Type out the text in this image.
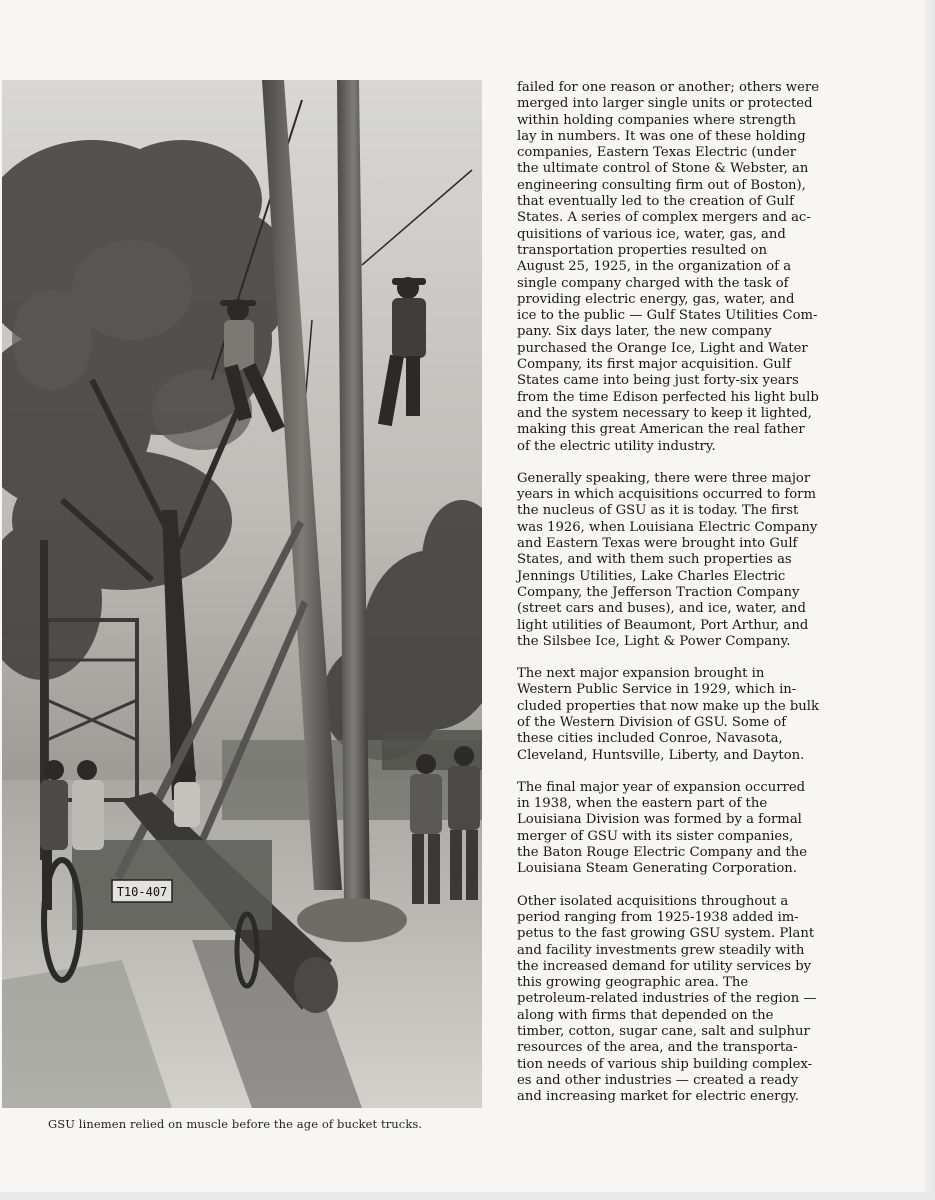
T10-407
GSU linemen relied on muscle before the age of bucket trucks.

failed for one reason or another; others were
merged into larger single units or protected
within holding companies where strength
lay in numbers. It was one of these holding
companies, Eastern Texas Electric (under
the ultimate control of Stone & Webster, an
engineering consulting firm out of Boston),
that eventually led to the creation of Gulf
States. A series of complex mergers and ac-
quisitions of various ice, water, gas, and
transportation properties resulted on
August 25, 1925, in the organization of a
single company charged with the task of
providing electric energy, gas, water, and
ice to the public — Gulf States Utilities Com-
pany. Six days later, the new company
purchased the Orange Ice, Light and Water
Company, its first major acquisition. Gulf
States came into being just forty-six years
from the time Edison perfected his light bulb
and the system necessary to keep it lighted,
making this great American the real father
of the electric utility industry.

Generally speaking, there were three major
years in which acquisitions occurred to form
the nucleus of GSU as it is today. The first
was 1926, when Louisiana Electric Company
and Eastern Texas were brought into Gulf
States, and with them such properties as
Jennings Utilities, Lake Charles Electric
Company, the Jefferson Traction Company
(street cars and buses), and ice, water, and
light utilities of Beaumont, Port Arthur, and
the Silsbee Ice, Light & Power Company.

The next major expansion brought in
Western Public Service in 1929, which in-
cluded properties that now make up the bulk
of the Western Division of GSU. Some of
these cities included Conroe, Navasota,
Cleveland, Huntsville, Liberty, and Dayton.

The final major year of expansion occurred
in 1938, when the eastern part of the
Louisiana Division was formed by a formal
merger of GSU with its sister companies,
the Baton Rouge Electric Company and the
Louisiana Steam Generating Corporation.

Other isolated acquisitions throughout a
period ranging from 1925-1938 added im-
petus to the fast growing GSU system. Plant
and facility investments grew steadily with
the increased demand for utility services by
this growing geographic area. The
petroleum-related industries of the region —
along with firms that depended on the
timber, cotton, sugar cane, salt and sulphur
resources of the area, and the transporta-
tion needs of various ship building complex-
es and other industries — created a ready
and increasing market for electric energy.
